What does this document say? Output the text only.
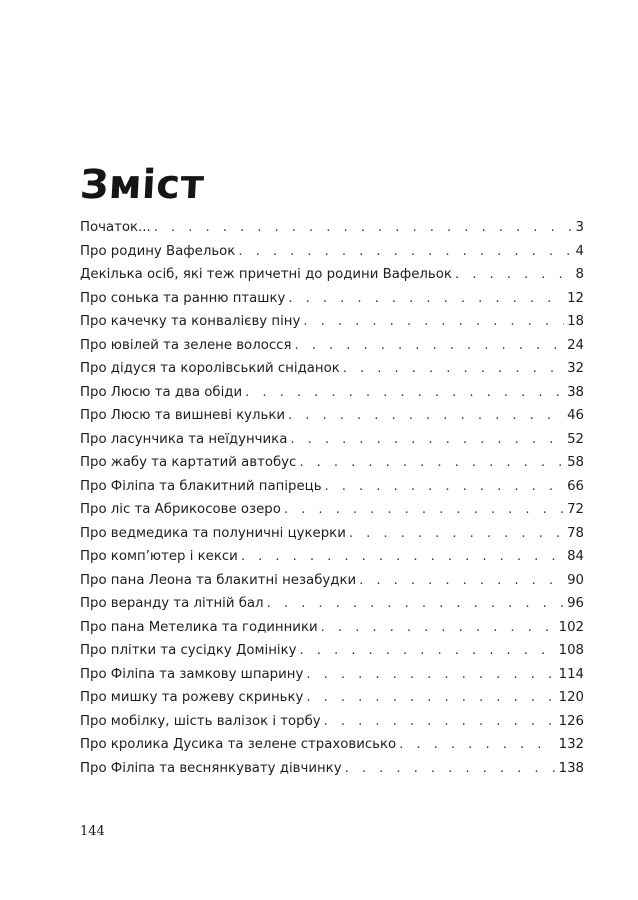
Зміст
Початок... . . .	3
Про родину Вафельок . . .	4
Декілька осіб, які теж причетні до родини Вафельок . . .	8
Про сонька та ранню пташку . . .	12
Про качечку та конвалієву піну . . .	18
Про ювілей та зелене волосся . . .	24
Про дідуся та королівський сніданок . . .	32
Про Люсю та два обіди . . .	38
Про Люсю та вишневі кульки . . .	46
Про ласунчика та неїдунчика . . .	52
Про жабу та картатий автобус . . .	58
Про Філіпа та блакитний папірець . . .	66
Про ліс та Абрикосове озеро . . .	72
Про ведмедика та полуничні цукерки . . .	78
Про комп’ютер і кекси . . .	84
Про пана Леона та блакитні незабудки . . .	90
Про веранду та літній бал . . .	96
Про пана Метелика та годинники . . .	102
Про плітки та сусідку Домініку . . .	108
Про Філіпа та замкову шпарину . . .	114
Про мишку та рожеву скриньку . . .	120
Про мобілку, шість валізок і торбу . . .	126
Про кролика Дусика та зелене страховисько . . .	132
Про Філіпа та веснянкувату дівчинку . . .	138
144
